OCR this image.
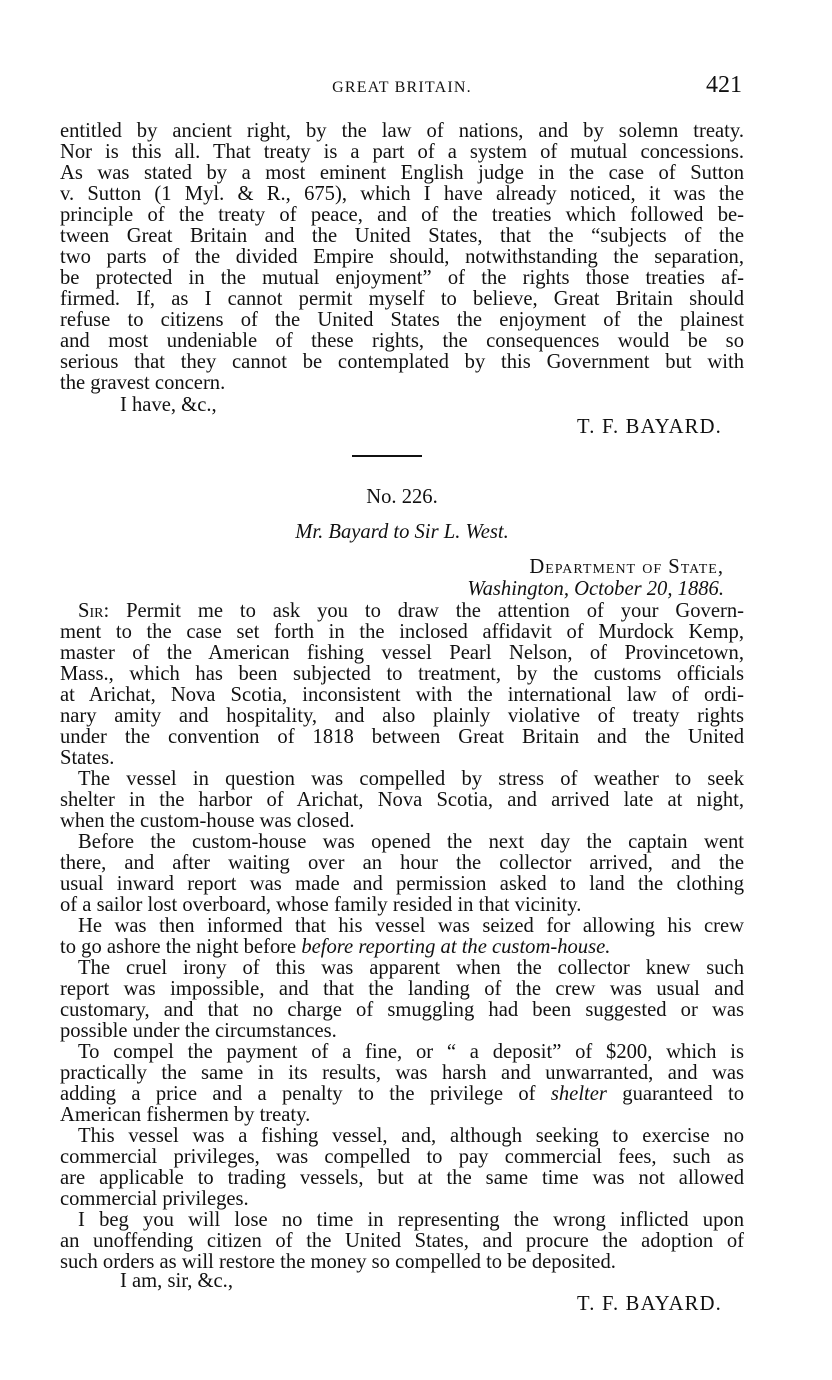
GREAT BRITAIN.	421
entitled by ancient right, by the law of nations, and by solemn treaty.
Nor is this all. That treaty is a part of a system of mutual concessions.
As was stated by a most eminent English judge in the case of Sutton
v. Sutton (1 Myl. & R., 675), which I have already noticed, it was the
principle of the treaty of peace, and of the treaties which followed be-
tween Great Britain and the United States, that the “subjects of the
two parts of the divided Empire should, notwithstanding the separation,
be protected in the mutual enjoyment” of the rights those treaties af-
firmed. If, as I cannot permit myself to believe, Great Britain should
refuse to citizens of the United States the enjoyment of the plainest
and most undeniable of these rights, the consequences would be so
serious that they cannot be contemplated by this Government but with
the gravest concern.
I have, &c.,
T. F. BAYARD.
No. 226.
Mr. Bayard to Sir L. West.
Department of State,
Washington, October 20, 1886.
Sir: Permit me to ask you to draw the attention of your Govern-
ment to the case set forth in the inclosed affidavit of Murdock Kemp,
master of the American fishing vessel Pearl Nelson, of Provincetown,
Mass., which has been subjected to treatment, by the customs officials
at Arichat, Nova Scotia, inconsistent with the international law of ordi-
nary amity and hospitality, and also plainly violative of treaty rights
under the convention of 1818 between Great Britain and the United
States.
The vessel in question was compelled by stress of weather to seek
shelter in the harbor of Arichat, Nova Scotia, and arrived late at night,
when the custom-house was closed.
Before the custom-house was opened the next day the captain went
there, and after waiting over an hour the collector arrived, and the
usual inward report was made and permission asked to land the clothing
of a sailor lost overboard, whose family resided in that vicinity.
He was then informed that his vessel was seized for allowing his crew
to go ashore the night before before reporting at the custom-house.
The cruel irony of this was apparent when the collector knew such
report was impossible, and that the landing of the crew was usual and
customary, and that no charge of smuggling had been suggested or was
possible under the circumstances.
To compel the payment of a fine, or “ a deposit” of $200, which is
practically the same in its results, was harsh and unwarranted, and was
adding a price and a penalty to the privilege of shelter guaranteed to
American fishermen by treaty.
This vessel was a fishing vessel, and, although seeking to exercise no
commercial privileges, was compelled to pay commercial fees, such as
are applicable to trading vessels, but at the same time was not allowed
commercial privileges.
I beg you will lose no time in representing the wrong inflicted upon
an unoffending citizen of the United States, and procure the adoption of
such orders as will restore the money so compelled to be deposited.
I am, sir, &c.,
T. F. BAYARD.
